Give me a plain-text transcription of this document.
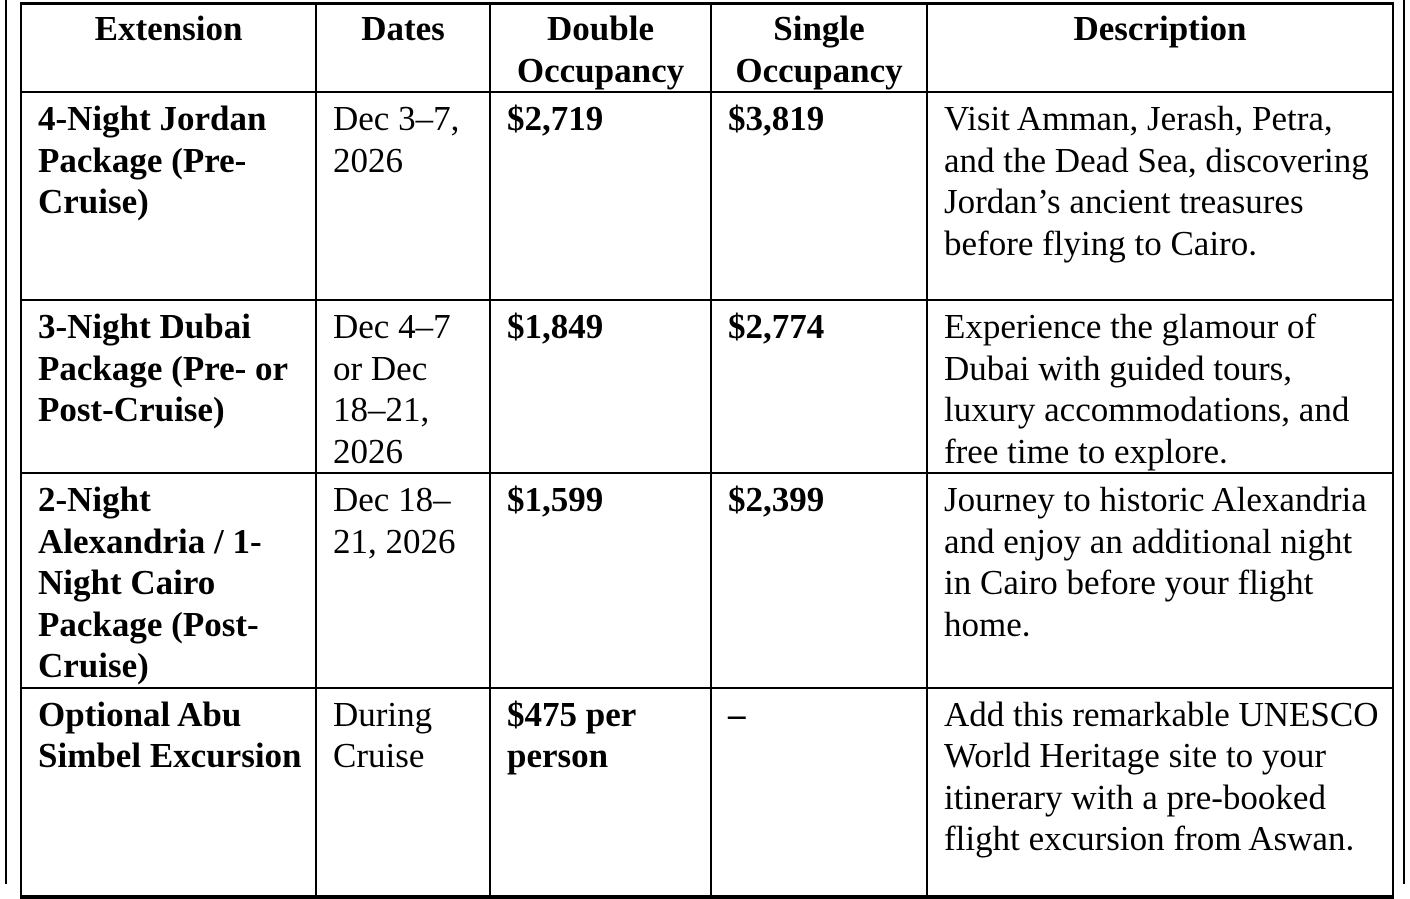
Extension	Dates	Double Occupancy	Single Occupancy	Description
4-Night Jordan Package (Pre-Cruise)	Dec 3–7, 2026	$2,719	$3,819	Visit Amman, Jerash, Petra, and the Dead Sea, discovering Jordan’s ancient treasures before flying to Cairo.
3-Night Dubai Package (Pre- or Post-Cruise)	Dec 4–7 or Dec 18–21, 2026	$1,849	$2,774	Experience the glamour of Dubai with guided tours, luxury accommodations, and free time to explore.
2-Night Alexandria / 1-Night Cairo Package (Post-Cruise)	Dec 18–21, 2026	$1,599	$2,399	Journey to historic Alexandria and enjoy an additional night in Cairo before your flight home.
Optional Abu Simbel Excursion	During Cruise	$475 per person	–	Add this remarkable UNESCO World Heritage site to your itinerary with a pre-booked flight excursion from Aswan.
